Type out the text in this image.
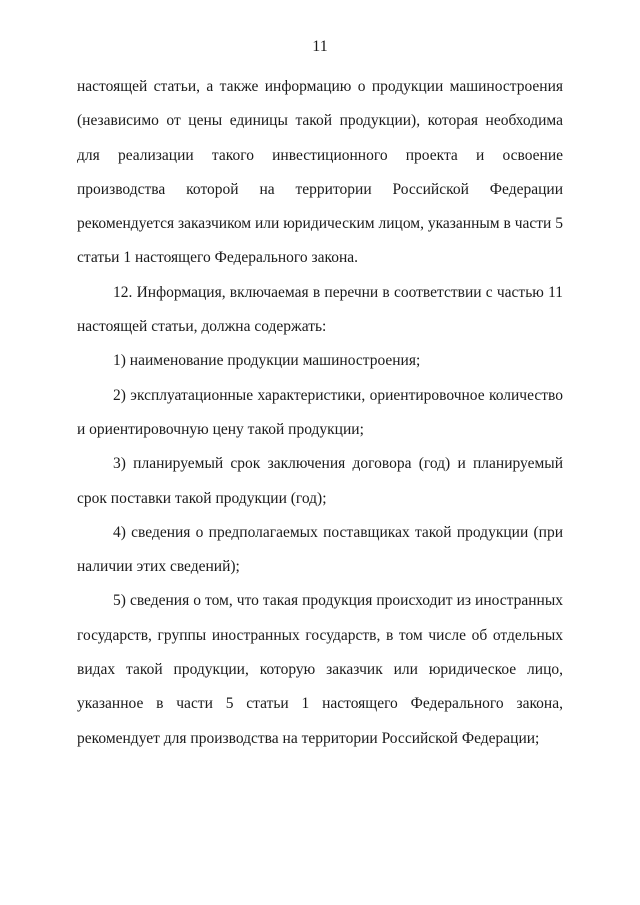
11

настоящей статьи, а также информацию о продукции машиностроения (независимо от цены единицы такой продукции), которая необходима для реализации такого инвестиционного проекта и освоение производства которой на территории Российской Федерации рекомендуется заказчиком или юридическим лицом, указанным в части 5 статьи 1 настоящего Федерального закона.

12. Информация, включаемая в перечни в соответствии с частью 11 настоящей статьи, должна содержать:

1) наименование продукции машиностроения;

2) эксплуатационные характеристики, ориентировочное количество и ориентировочную цену такой продукции;

3) планируемый срок заключения договора (год) и планируемый срок поставки такой продукции (год);

4) сведения о предполагаемых поставщиках такой продукции (при наличии этих сведений);

5) сведения о том, что такая продукция происходит из иностранных государств, группы иностранных государств, в том числе об отдельных видах такой продукции, которую заказчик или юридическое лицо, указанное в части 5 статьи 1 настоящего Федерального закона, рекомендует для производства на территории Российской Федерации;
